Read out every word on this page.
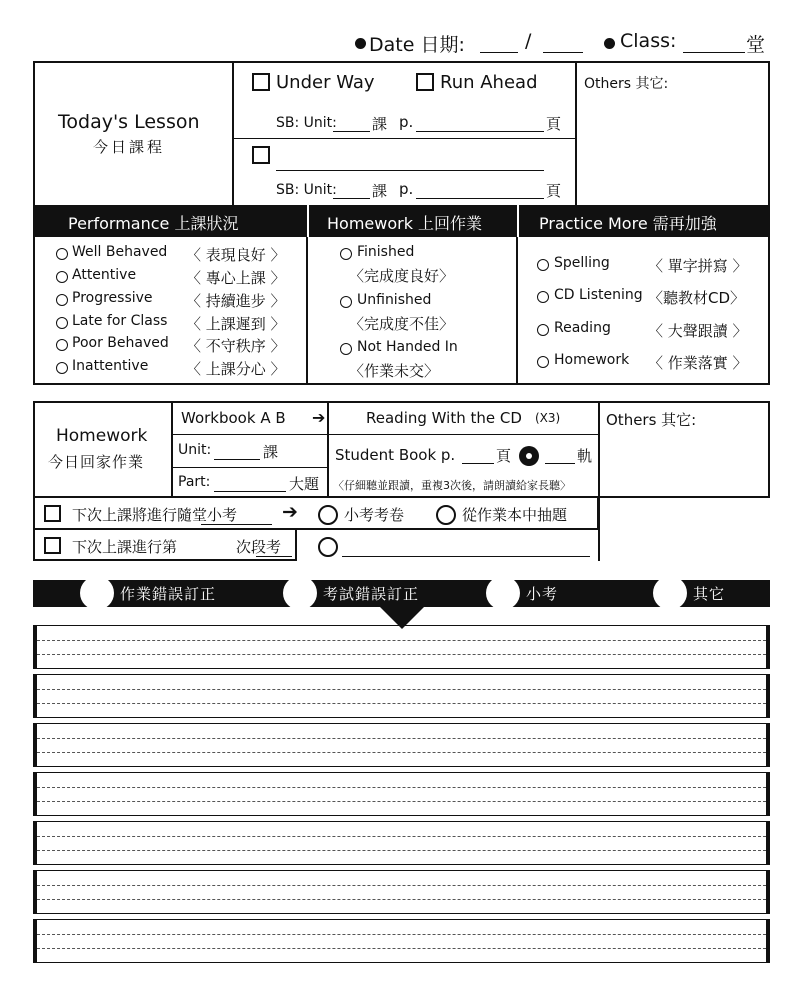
Date 日期:	/	Class:	堂
Today's Lesson
今日課程
Under Way	Run Ahead
SB: Unit: 課 p.	頁
SB: Unit: 課 p.	頁
Others 其它:
Performance 上課狀況	Homework 上回作業	Practice More 需再加強
Well Behaved 〈 表現良好 〉
Attentive	〈 專心上課 〉
Progressive 〈 持續進步 〉
Late for Class 〈 上課遲到 〉
Poor Behaved 〈 不守秩序 〉
Inattentive	〈 上課分心 〉
Finished
〈完成度良好〉
Unfinished
〈完成度不佳〉
Not Handed In
〈作業未交〉
Spelling	〈 單字拼寫 〉
CD Listening 〈聽教材CD〉
Reading 〈 大聲跟讀 〉
Homework 〈 作業落實 〉
Homework
今日回家作業
Workbook A B ➔	Reading With the CD (X3)
Unit:	課
Part:	大題
Student Book p.	頁	軌
〈仔細聽並跟讀，重複3次後，請朗讀給家長聽〉
Others 其它:
下次上課將進行隨堂小考 ➔	小考考卷	從作業本中抽題
下次上課進行第	次段考
作業錯誤訂正	考試錯誤訂正	小考	其它
